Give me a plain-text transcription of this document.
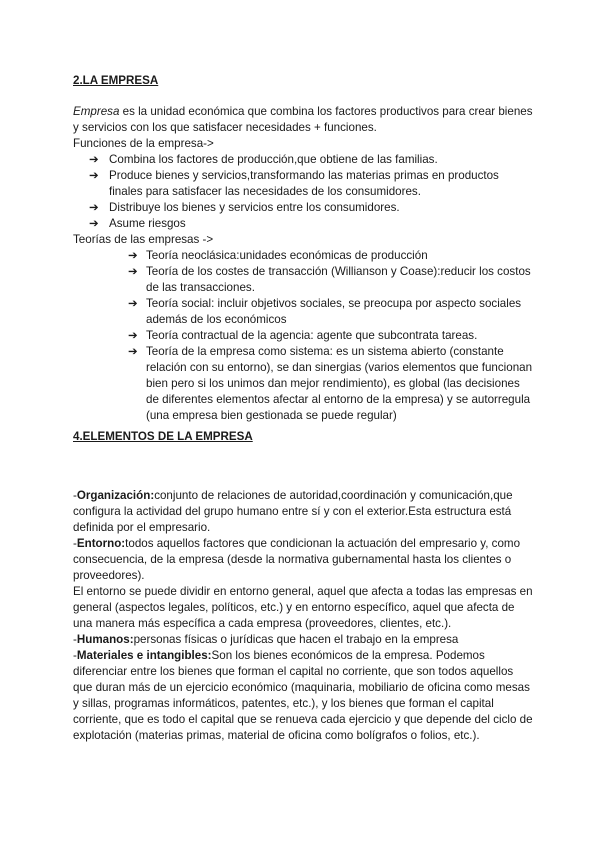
2.LA EMPRESA

Empresa es la unidad económica que combina los factores productivos para crear bienes y servicios con los que satisfacer necesidades + funciones.

Funciones de la empresa->

➔ Combina los factores de producción,que obtiene de las familias.
➔ Produce bienes y servicios,transformando las materias primas en productos finales para satisfacer las necesidades de los consumidores.
➔ Distribuye los bienes y servicios entre los consumidores.
➔ Asume riesgos

Teorías de las empresas ->

➔ Teoría neoclásica:unidades económicas de producción
➔ Teoría de los costes de transacción (Willianson y Coase):reducir los costos de las transacciones.
➔ Teoría social: incluir objetivos sociales, se preocupa por aspecto sociales además de los económicos
➔ Teoría contractual de la agencia: agente que subcontrata tareas.
➔ Teoría de la empresa como sistema: es un sistema abierto (constante relación con su entorno), se dan sinergias (varios elementos que funcionan bien pero si los unimos dan mejor rendimiento), es global (las decisiones de diferentes elementos afectar al entorno de la empresa) y se autorregula (una empresa bien gestionada se puede regular)
4.ELEMENTOS DE LA EMPRESA

-Organización:conjunto de relaciones de autoridad,coordinación y comunicación,que configura la actividad del grupo humano entre sí y con el exterior.Esta estructura está definida por el empresario.

-Entorno:todos aquellos factores que condicionan la actuación del empresario y, como consecuencia, de la empresa (desde la normativa gubernamental hasta los clientes o proveedores).

El entorno se puede dividir en entorno general, aquel que afecta a todas las empresas en general (aspectos legales, políticos, etc.) y en entorno específico, aquel que afecta de una manera más específica a cada empresa (proveedores, clientes, etc.).

-Humanos:personas físicas o jurídicas que hacen el trabajo en la empresa

-Materiales e intangibles:Son los bienes económicos de la empresa. Podemos diferenciar entre los bienes que forman el capital no corriente, que son todos aquellos que duran más de un ejercicio económico (maquinaria, mobiliario de oficina como mesas y sillas, programas informáticos, patentes, etc.), y los bienes que forman el capital corriente, que es todo el capital que se renueva cada ejercicio y que depende del ciclo de explotación (materias primas, material de oficina como bolígrafos o folios, etc.).
